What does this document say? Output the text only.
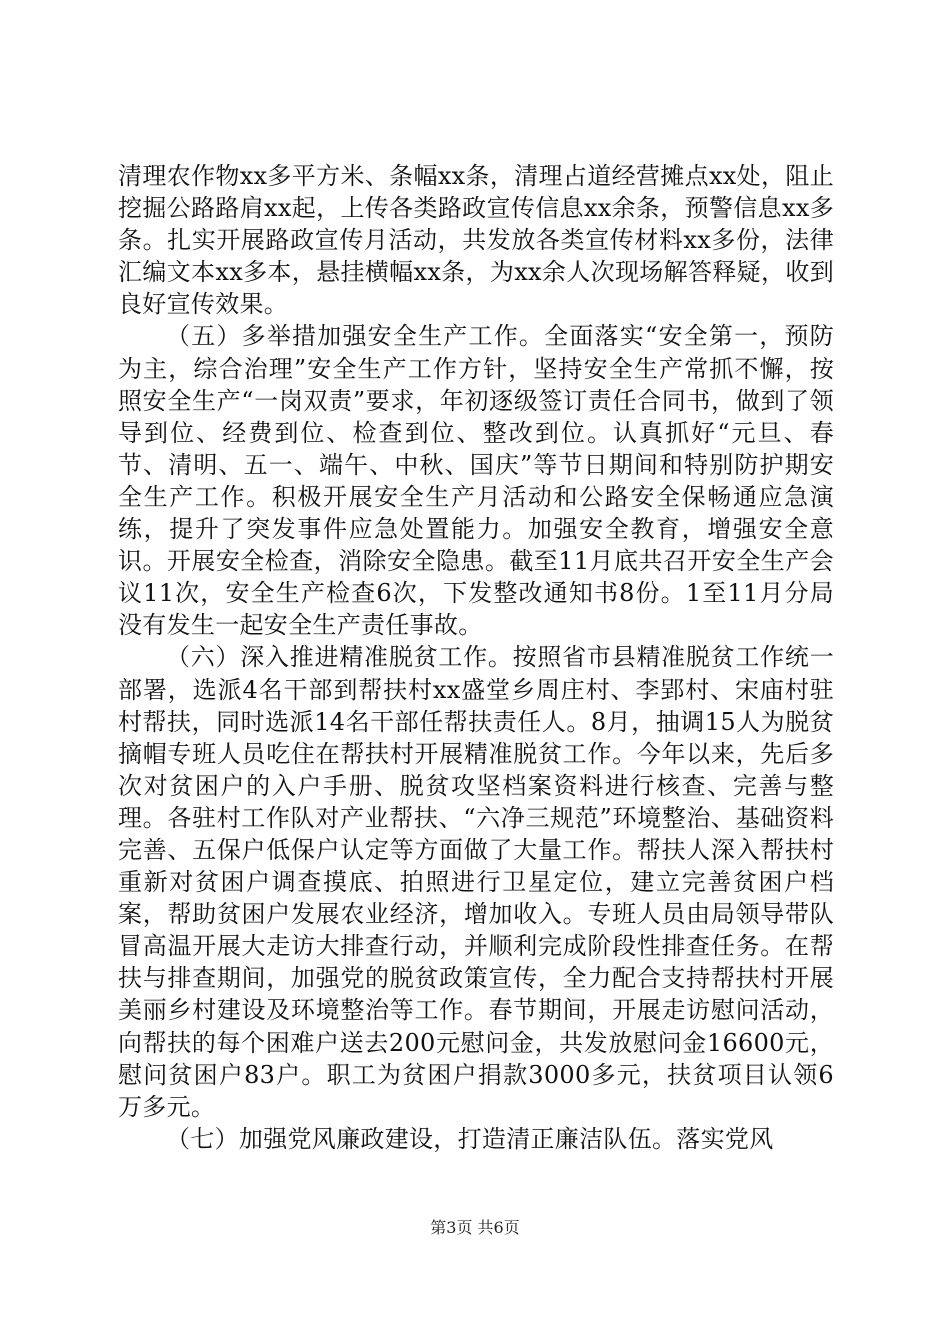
清理农作物xx多平方米、条幅xx条，清理占道经营摊点xx处，阻止挖掘公路路肩xx起，上传各类路政宣传信息xx余条，预警信息xx多条。扎实开展路政宣传月活动，共发放各类宣传材料xx多份，法律汇编文本xx多本，悬挂横幅xx条，为xx余人次现场解答释疑，收到良好宣传效果。

（五）多举措加强安全生产工作。全面落实“安全第一，预防为主，综合治理”安全生产工作方针，坚持安全生产常抓不懈，按照安全生产“一岗双责”要求，年初逐级签订责任合同书，做到了领导到位、经费到位、检查到位、整改到位。认真抓好“元旦、春节、清明、五一、端午、中秋、国庆”等节日期间和特别防护期安全生产工作。积极开展安全生产月活动和公路安全保畅通应急演练，提升了突发事件应急处置能力。加强安全教育，增强安全意识。开展安全检查，消除安全隐患。截至11月底共召开安全生产会议11次，安全生产检查6次，下发整改通知书8份。1至11月分局没有发生一起安全生产责任事故。

（六）深入推进精准脱贫工作。按照省市县精准脱贫工作统一部署，选派4名干部到帮扶村xx盛堂乡周庄村、李郢村、宋庙村驻村帮扶，同时选派14名干部任帮扶责任人。8月，抽调15人为脱贫摘帽专班人员吃住在帮扶村开展精准脱贫工作。今年以来，先后多次对贫困户的入户手册、脱贫攻坚档案资料进行核查、完善与整理。各驻村工作队对产业帮扶、“六净三规范”环境整治、基础资料完善、五保户低保户认定等方面做了大量工作。帮扶人深入帮扶村重新对贫困户调查摸底、拍照进行卫星定位，建立完善贫困户档案，帮助贫困户发展农业经济，增加收入。专班人员由局领导带队冒高温开展大走访大排查行动，并顺利完成阶段性排查任务。在帮扶与排查期间，加强党的脱贫政策宣传，全力配合支持帮扶村开展美丽乡村建设及环境整治等工作。春节期间，开展走访慰问活动，向帮扶的每个困难户送去200元慰问金，共发放慰问金16600元，慰问贫困户83户。职工为贫困户捐款3000多元，扶贫项目认领6万多元。

（七）加强党风廉政建设，打造清正廉洁队伍。落实党风

第3页 共6页
